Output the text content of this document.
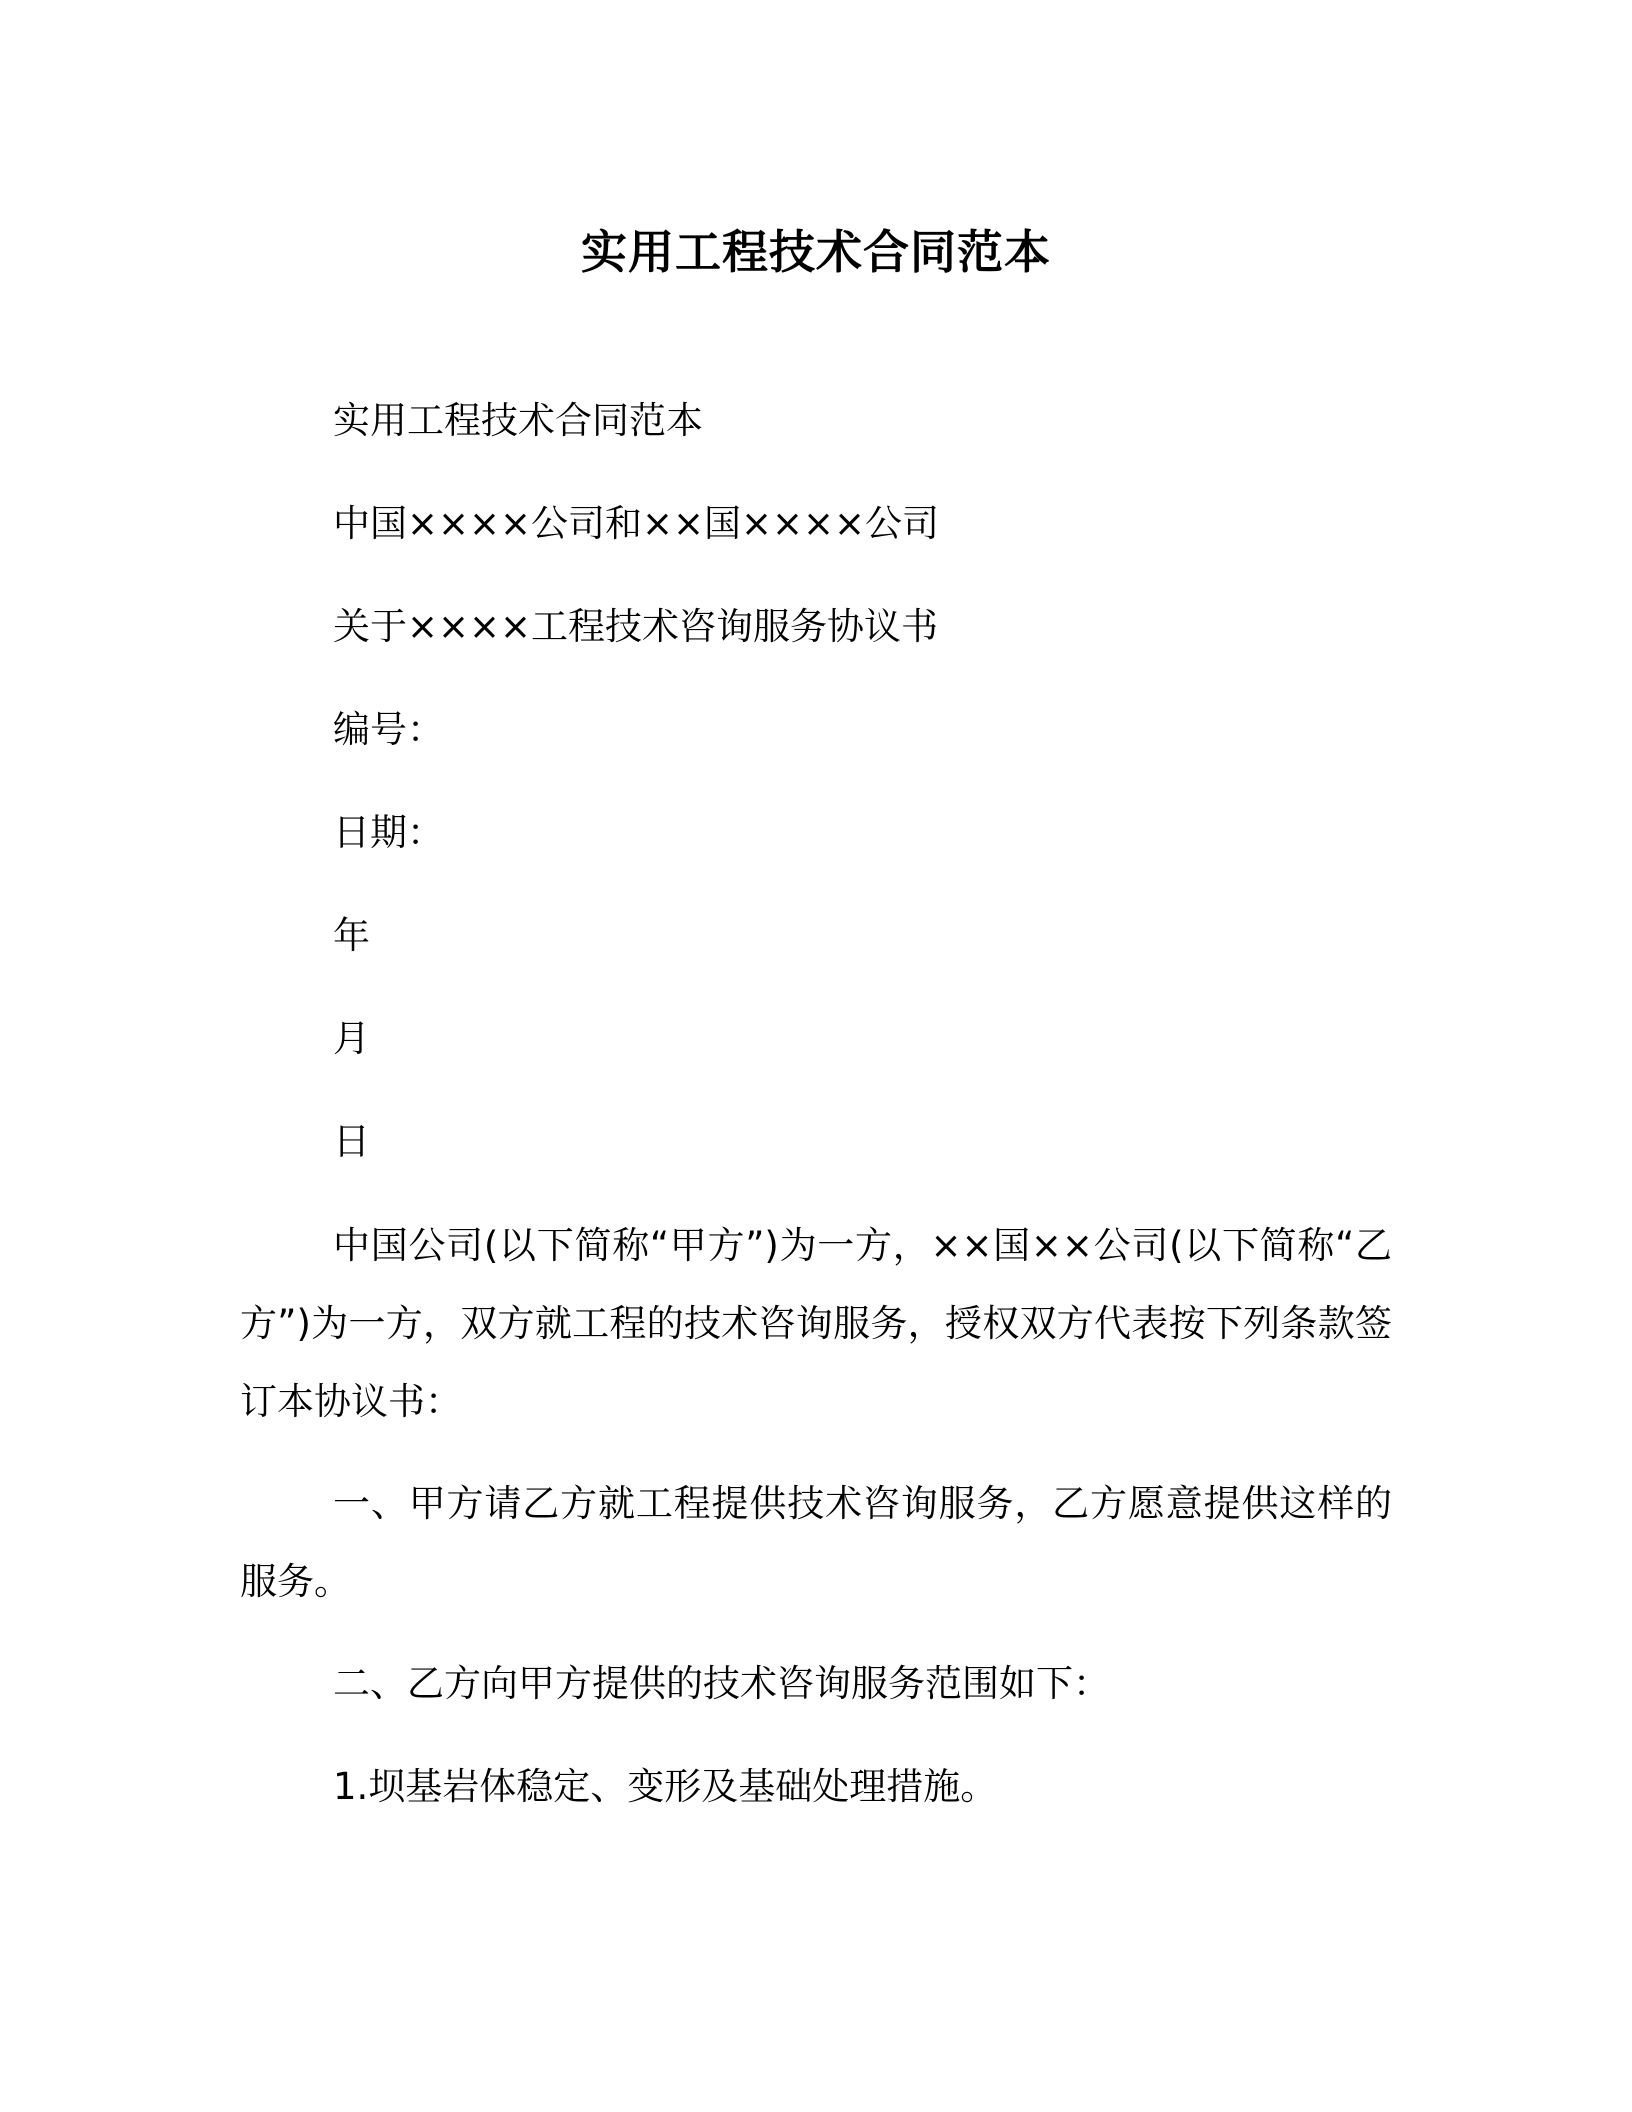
实用工程技术合同范本
实用工程技术合同范本
中国××××公司和××国××××公司
关于××××工程技术咨询服务协议书
编号：
日期：
年
月
日

中国公司(以下简称“甲方”)为一方，××国××公司(以下简称“乙方”)为一方，双方就工程的技术咨询服务，授权双方代表按下列条款签订本协议书：

一、甲方请乙方就工程提供技术咨询服务，乙方愿意提供这样的服务。

二、乙方向甲方提供的技术咨询服务范围如下：

1.坝基岩体稳定、变形及基础处理措施。
